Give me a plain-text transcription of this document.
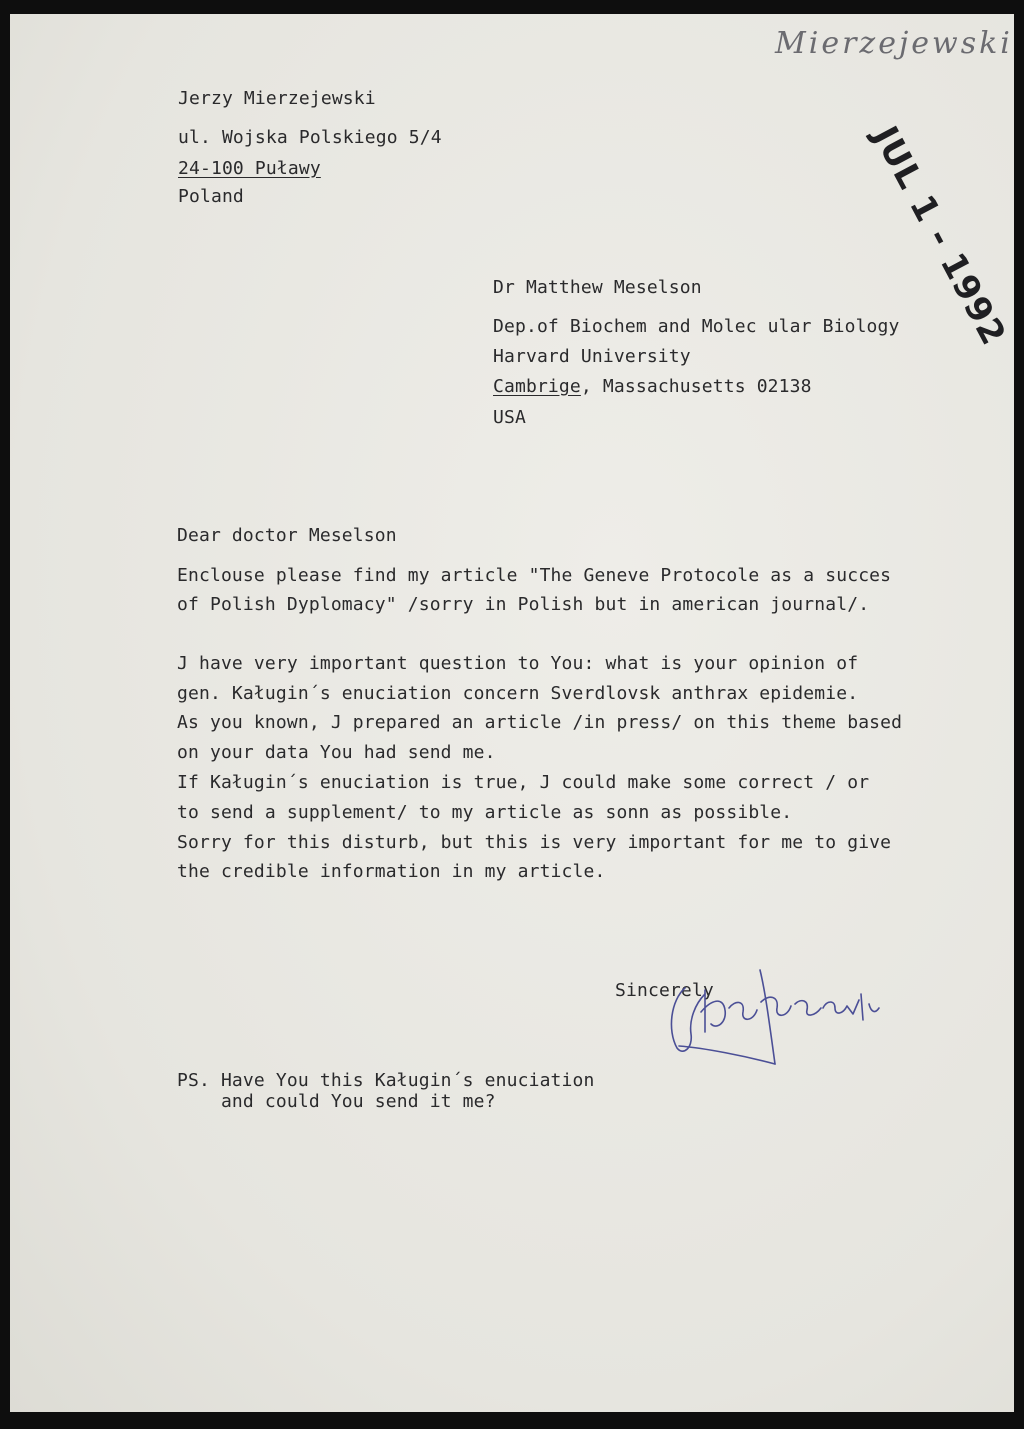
Mierzejewski
JUL 1 - 1992
Jerzy Mierzejewski
ul. Wojska Polskiego 5/4
24-100 Puławy
Poland
Dr Matthew Meselson
Dep.of Biochem and Molec ular Biology
Harvard University
Cambrige, Massachusetts 02138
USA
Dear doctor Meselson
Enclouse please find my article "The Geneve Protocole as a succes
of Polish Dyplomacy" /sorry in Polish but in american journal/.
J have very important question to You: what is your opinion of
gen. Kaługin´s enuciation concern Sverdlovsk anthrax epidemie.
As you known, J prepared an article /in press/ on this theme based
on your data You had send me.
If Kaługin´s enuciation is true, J could make some correct / or
to send a supplement/ to my article as sonn as possible.
Sorry for this disturb, but this is very important for me to give
the credible information in my article.
Sincerely	Mierzejewski
PS. Have You this Kaługin´s enuciation
and could You send it me?
